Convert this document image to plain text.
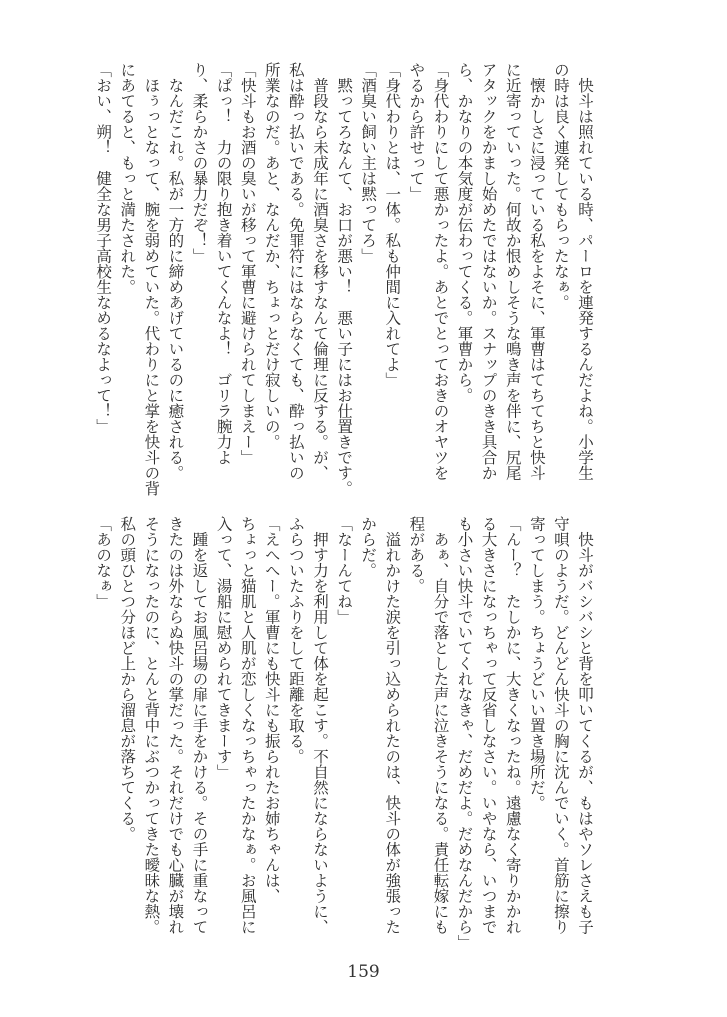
　快斗は照れている時、パーロを連発するんだよね。小学生
の時は良く連発してもらったなぁ。
　懐かしさに浸っている私をよそに、軍曹はてちてちと快斗
に近寄っていった。何故か恨めしそうな鳴き声を伴に、尻尾
アタックをかまし始めたではないか。スナップのきき具合か
ら、かなりの本気度が伝わってくる。軍曹から。
「身代わりにして悪かったよ。あとでとっておきのオヤツを
やるから許せって」
「身代わりとは、一体。私も仲間に入れてよ」
「酒臭い飼い主は黙ってろ」
　黙ってろなんて、お口が悪い！　悪い子にはお仕置きです。
　普段なら未成年に酒臭さを移すなんて倫理に反する。が、
私は酔っ払いである。免罪符にはならなくても、酔っ払いの
所業なのだ。あと、なんだか、ちょっとだけ寂しいの。
「快斗もお酒の臭いが移って軍曹に避けられてしまえー」
「ぱっ！　力の限り抱き着いてくんなよ！　ゴリラ腕力よ
り、柔らかさの暴力だぞ！」
　なんだこれ。私が一方的に締めあげているのに癒される。
　ほぅっとなって、腕を弱めていた。代わりにと掌を快斗の背
にあてると、もっと満たされた。
「おい、朔！　健全な男子高校生なめるなよって！」
　快斗がバシバシと背を叩いてくるが、もはやソレさえも子
守唄のようだ。どんどん快斗の胸に沈んでいく。首筋に擦り
寄ってしまう。ちょうどいい置き場所だ。
「んー？　たしかに、大きくなったね。遠慮なく寄りかかれ
る大きさになっちゃって反省しなさい。いやなら、いつまで
も小さい快斗でいてくれなきゃ、だめだよ。だめなんだから」
　あぁ、自分で落とした声に泣きそうになる。責任転嫁にも
程がある。
　溢れかけた涙を引っ込められたのは、快斗の体が強張った
からだ。
「なーんてね」
　押す力を利用して体を起こす。不自然にならないように、
ふらついたふりをして距離を取る。
「えへへー。軍曹にも快斗にも振られたお姉ちゃんは、
ちょっと猫肌と人肌が恋しくなっちゃったかなぁ。お風呂に
入って、湯船に慰められてきまーす」
　踵を返してお風呂場の扉に手をかける。その手に重なって
きたのは外ならぬ快斗の掌だった。それだけでも心臓が壊れ
そうになったのに、とんと背中にぶつかってきた曖昧な熱。
私の頭ひとつ分ほど上から溜息が落ちてくる。
「あのなぁ」
159
